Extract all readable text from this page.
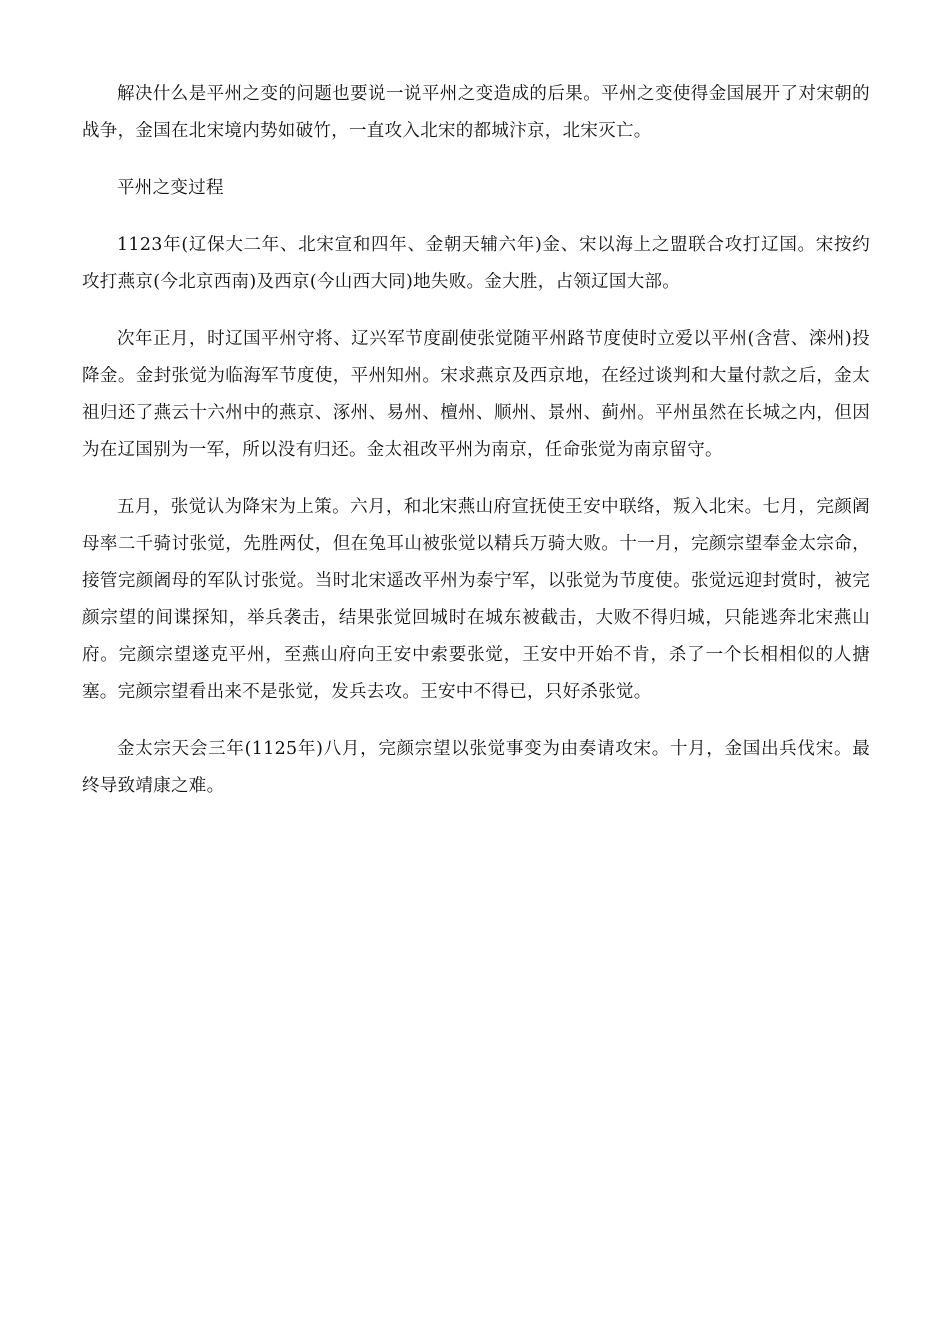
解决什么是平州之变的问题也要说一说平州之变造成的后果。平州之变使得金国展开了对宋朝的战争，金国在北宋境内势如破竹，一直攻入北宋的都城汴京，北宋灭亡。

平州之变过程

1123年(辽保大二年、北宋宣和四年、金朝天辅六年)金、宋以海上之盟联合攻打辽国。宋按约攻打燕京(今北京西南)及西京(今山西大同)地失败。金大胜，占领辽国大部。

次年正月，时辽国平州守将、辽兴军节度副使张觉随平州路节度使时立爱以平州(含营、滦州)投降金。金封张觉为临海军节度使，平州知州。宋求燕京及西京地，在经过谈判和大量付款之后，金太祖归还了燕云十六州中的燕京、涿州、易州、檀州、顺州、景州、蓟州。平州虽然在长城之内，但因为在辽国别为一军，所以没有归还。金太祖改平州为南京，任命张觉为南京留守。

五月，张觉认为降宋为上策。六月，和北宋燕山府宣抚使王安中联络，叛入北宋。七月，完颜阇母率二千骑讨张觉，先胜两仗，但在兔耳山被张觉以精兵万骑大败。十一月，完颜宗望奉金太宗命，接管完颜阇母的军队讨张觉。当时北宋遥改平州为泰宁军，以张觉为节度使。张觉远迎封赏时，被完颜宗望的间谍探知，举兵袭击，结果张觉回城时在城东被截击，大败不得归城，只能逃奔北宋燕山府。完颜宗望遂克平州，至燕山府向王安中索要张觉，王安中开始不肯，杀了一个长相相似的人搪塞。完颜宗望看出来不是张觉，发兵去攻。王安中不得已，只好杀张觉。

金太宗天会三年(1125年)八月，完颜宗望以张觉事变为由奏请攻宋。十月，金国出兵伐宋。最终导致靖康之难。
